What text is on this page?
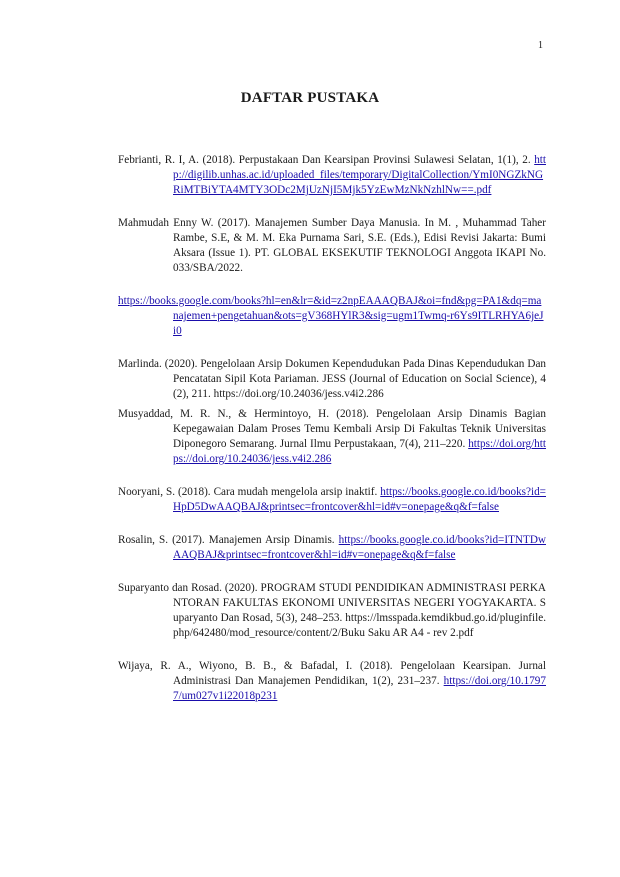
1
DAFTAR PUSTAKA

Febrianti, R. I, A. (2018). Perpustakaan Dan Kearsipan Provinsi Sulawesi Selatan, 1(1), 2. http://digilib.unhas.ac.id/uploaded_files/temporary/DigitalCollection/YmI0NGZkNGRiMTBiYTA4MTY3ODc2MjUzNjI5Mjk5YzEwMzNkNzhlNw==.pdf

Mahmudah Enny W. (2017). Manajemen Sumber Daya Manusia. In M. , Muhammad Taher Rambe, S.E, & M. M. Eka Purnama Sari, S.E. (Eds.), Edisi Revisi Jakarta: Bumi Aksara (Issue 1). PT. GLOBAL EKSEKUTIF TEKNOLOGI Anggota IKAPI No. 033/SBA/2022.

https://books.google.com/books?hl=en&lr=&id=z2npEAAAQBAJ&oi=fnd&pg=PA1&dq=manajemen+pengetahuan&ots=gV368HYlR3&sig=ugm1Twmq-r6Ys9ITLRHYA6jeJi0

Marlinda. (2020). Pengelolaan Arsip Dokumen Kependudukan Pada Dinas Kependudukan Dan Pencatatan Sipil Kota Pariaman. JESS (Journal of Education on Social Science), 4(2), 211. https://doi.org/10.24036/jess.v4i2.286

Musyaddad, M. R. N., & Hermintoyo, H. (2018). Pengelolaan Arsip Dinamis Bagian Kepegawaian Dalam Proses Temu Kembali Arsip Di Fakultas Teknik Universitas Diponegoro Semarang. Jurnal Ilmu Perpustakaan, 7(4), 211–220. https://doi.org/https://doi.org/10.24036/jess.v4i2.286

Nooryani, S. (2018). Cara mudah mengelola arsip inaktif. https://books.google.co.id/books?id=HpD5DwAAQBAJ&printsec=frontcover&hl=id#v=onepage&q&f=false

Rosalin, S. (2017). Manajemen Arsip Dinamis. https://books.google.co.id/books?id=ITNTDwAAQBAJ&printsec=frontcover&hl=id#v=onepage&q&f=false

Suparyanto dan Rosad. (2020). PROGRAM STUDI PENDIDIKAN ADMINISTRASI PERKANTORAN FAKULTAS EKONOMI UNIVERSITAS NEGERI YOGYAKARTA. Suparyanto Dan Rosad, 5(3), 248–253. https://lmsspada.kemdikbud.go.id/pluginfile.php/642480/mod_resource/content/2/Buku Saku AR A4 - rev 2.pdf

Wijaya, R. A., Wiyono, B. B., & Bafadal, I. (2018). Pengelolaan Kearsipan. Jurnal Administrasi Dan Manajemen Pendidikan, 1(2), 231–237. https://doi.org/10.17977/um027v1i22018p231
